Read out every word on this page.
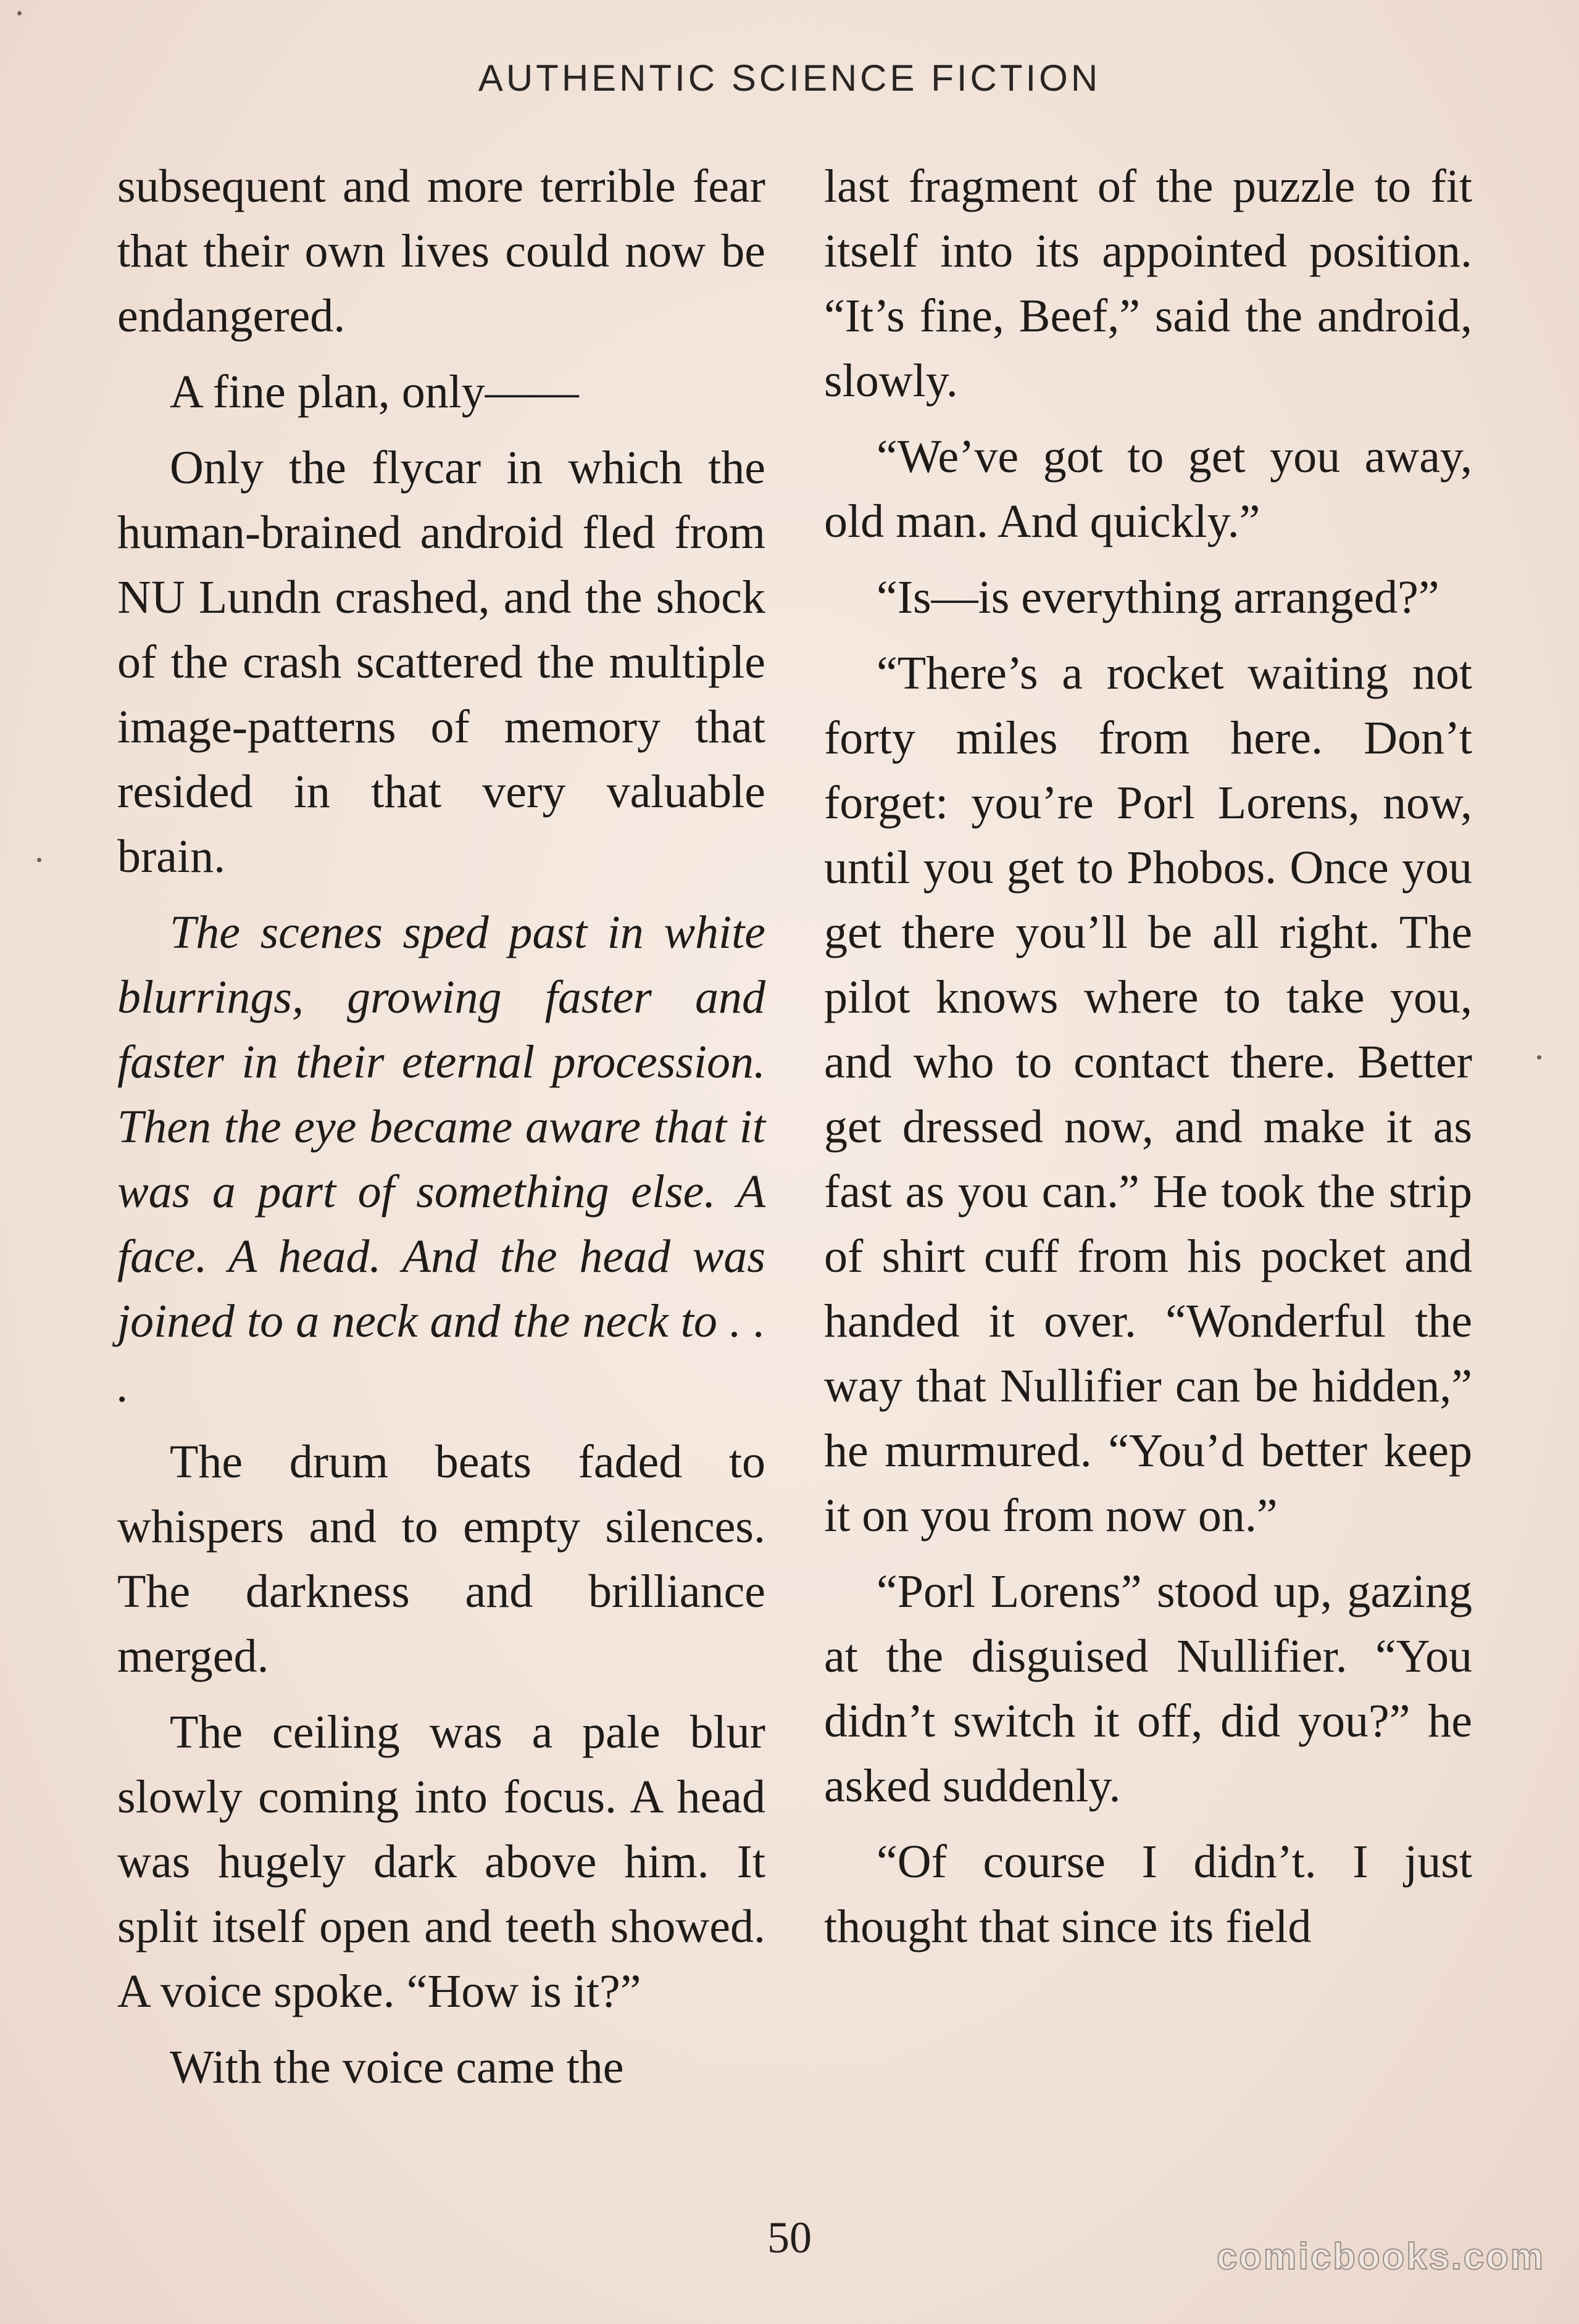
AUTHENTIC SCIENCE FICTION

subsequent and more terrible fear that their own lives could now be endangered.

A fine plan, only——

Only the flycar in which the human-brained android fled from NU Lundn crashed, and the shock of the crash scattered the multiple image-patterns of memory that resided in that very valuable brain.

The scenes sped past in white blurrings, growing faster and faster in their eternal procession. Then the eye became aware that it was a part of something else. A face. A head. And the head was joined to a neck and the neck to . . .

The drum beats faded to whispers and to empty silences. The darkness and brilliance merged.

The ceiling was a pale blur slowly coming into focus. A head was hugely dark above him. It split itself open and teeth showed. A voice spoke. “How is it?”

With the voice came the

last fragment of the puzzle to fit itself into its appointed position. “It’s fine, Beef,” said the android, slowly.

“We’ve got to get you away, old man. And quickly.”

“Is—is everything arranged?”

“There’s a rocket waiting not forty miles from here. Don’t forget: you’re Porl Lorens, now, until you get to Phobos. Once you get there you’ll be all right. The pilot knows where to take you, and who to contact there. Better get dressed now, and make it as fast as you can.” He took the strip of shirt cuff from his pocket and handed it over. “Wonderful the way that Nullifier can be hidden,” he murmured. “You’d better keep it on you from now on.”

“Porl Lorens” stood up, gazing at the disguised Nullifier. “You didn’t switch it off, did you?” he asked suddenly.

“Of course I didn’t. I just thought that since its field

50	comicbooks.com
